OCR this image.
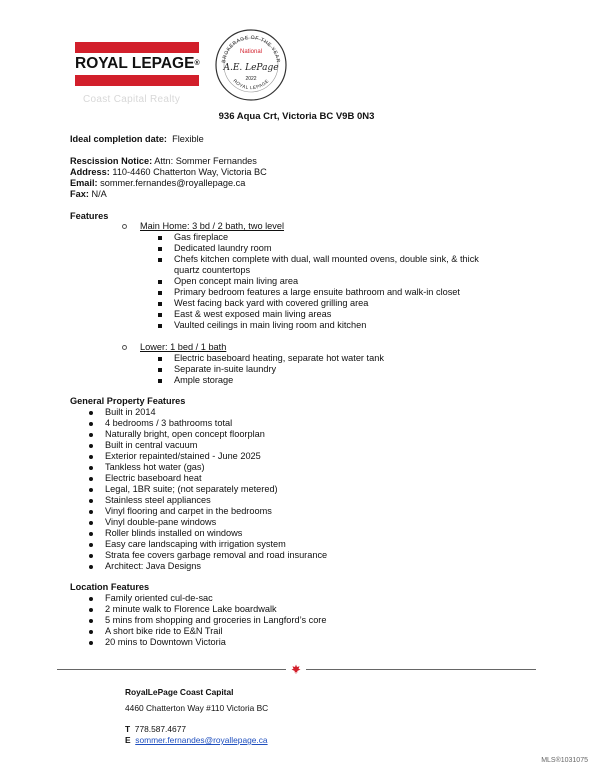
ROYAL LEPAGE®
Coast Capital Realty
BROKERAGE OF THE YEAR
National
A.E. LePage
2022
ROYAL LEPAGE
936 Aqua Crt, Victoria BC V9B 0N3
Ideal completion date: Flexible
Rescission Notice: Attn: Sommer Fernandes
Address: 110-4460 Chatterton Way, Victoria BC
Email: sommer.fernandes@royallepage.ca
Fax: N/A
Features
Main Home: 3 bd / 2 bath, two level
Gas fireplace
Dedicated laundry room
Chefs kitchen complete with dual, wall mounted ovens, double sink, & thick
quartz countertops
Open concept main living area
Primary bedroom features a large ensuite bathroom and walk-in closet
West facing back yard with covered grilling area
East & west exposed main living areas
Vaulted ceilings in main living room and kitchen
Lower: 1 bed / 1 bath
Electric baseboard heating, separate hot water tank
Separate in-suite laundry
Ample storage
General Property Features
Built in 2014
4 bedrooms / 3 bathrooms total
Naturally bright, open concept floorplan
Built in central vacuum
Exterior repainted/stained - June 2025
Tankless hot water (gas)
Electric baseboard heat
Legal, 1BR suite; (not separately metered)
Stainless steel appliances
Vinyl flooring and carpet in the bedrooms
Vinyl double-pane windows
Roller blinds installed on windows
Easy care landscaping with irrigation system
Strata fee covers garbage removal and road insurance
Architect: Java Designs
Location Features
Family oriented cul-de-sac
2 minute walk to Florence Lake boardwalk
5 mins from shopping and groceries in Langford’s core
A short bike ride to E&N Trail
20 mins to Downtown Victoria
RoyalLePage Coast Capital
4460 Chatterton Way #110 Victoria BC
T 778.587.4677
E sommer.fernandes@royallepage.ca
MLS®1031075
